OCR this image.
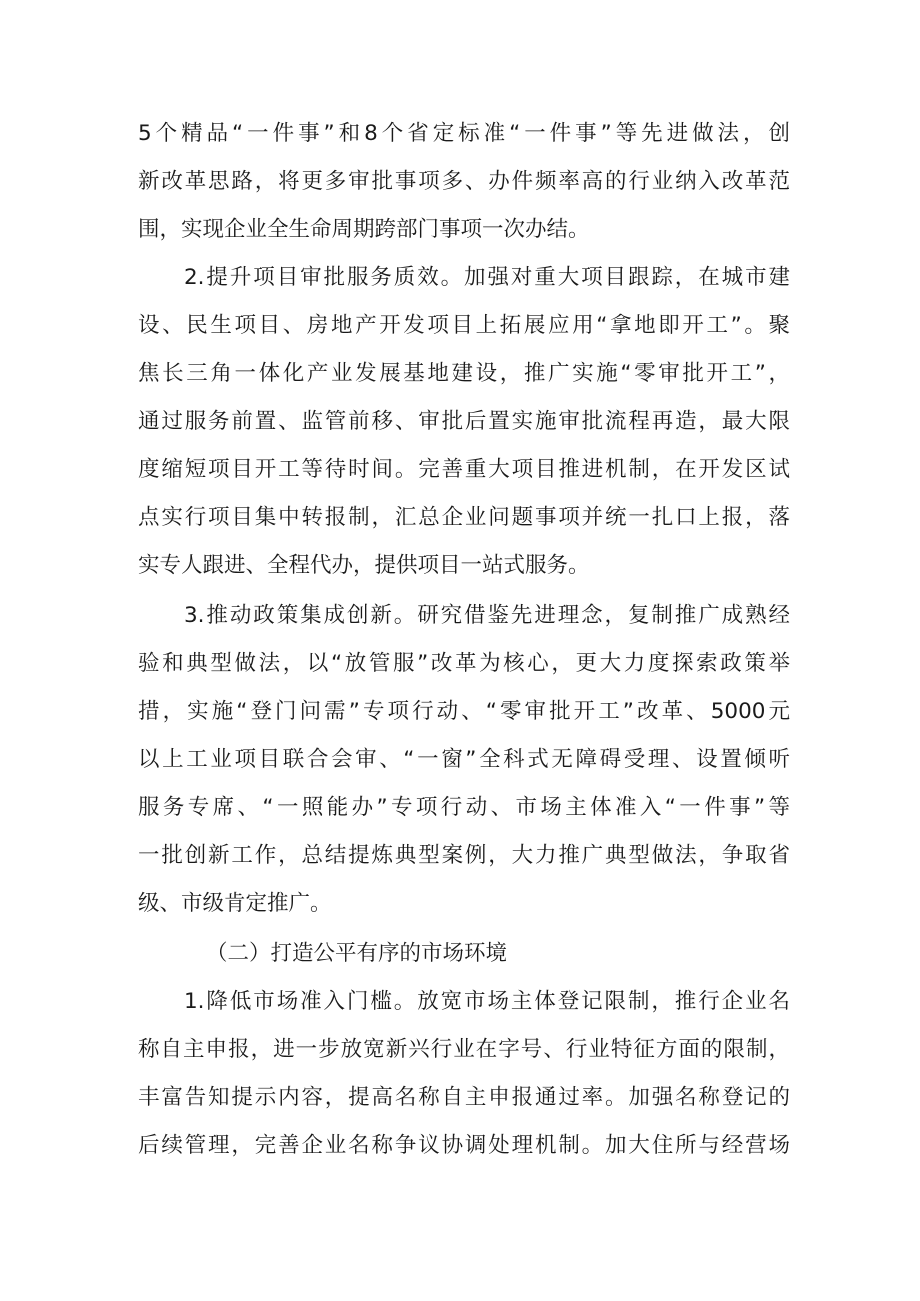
5个精品“一件事”和8个省定标准“一件事”等先进做法，创
新改革思路，将更多审批事项多、办件频率高的行业纳入改革范
围，实现企业全生命周期跨部门事项一次办结。
2.提升项目审批服务质效。加强对重大项目跟踪，在城市建
设、民生项目、房地产开发项目上拓展应用“拿地即开工”。聚
焦长三角一体化产业发展基地建设，推广实施“零审批开工”，
通过服务前置、监管前移、审批后置实施审批流程再造，最大限
度缩短项目开工等待时间。完善重大项目推进机制，在开发区试
点实行项目集中转报制，汇总企业问题事项并统一扎口上报，落
实专人跟进、全程代办，提供项目一站式服务。
3.推动政策集成创新。研究借鉴先进理念，复制推广成熟经
验和典型做法，以“放管服”改革为核心，更大力度探索政策举
措，实施“登门问需”专项行动、“零审批开工”改革、5000元
以上工业项目联合会审、“一窗”全科式无障碍受理、设置倾听
服务专席、“一照能办”专项行动、市场主体准入“一件事”等
一批创新工作，总结提炼典型案例，大力推广典型做法，争取省
级、市级肯定推广。
（二）打造公平有序的市场环境
1.降低市场准入门槛。放宽市场主体登记限制，推行企业名
称自主申报，进一步放宽新兴行业在字号、行业特征方面的限制，
丰富告知提示内容，提高名称自主申报通过率。加强名称登记的
后续管理，完善企业名称争议协调处理机制。加大住所与经营场
